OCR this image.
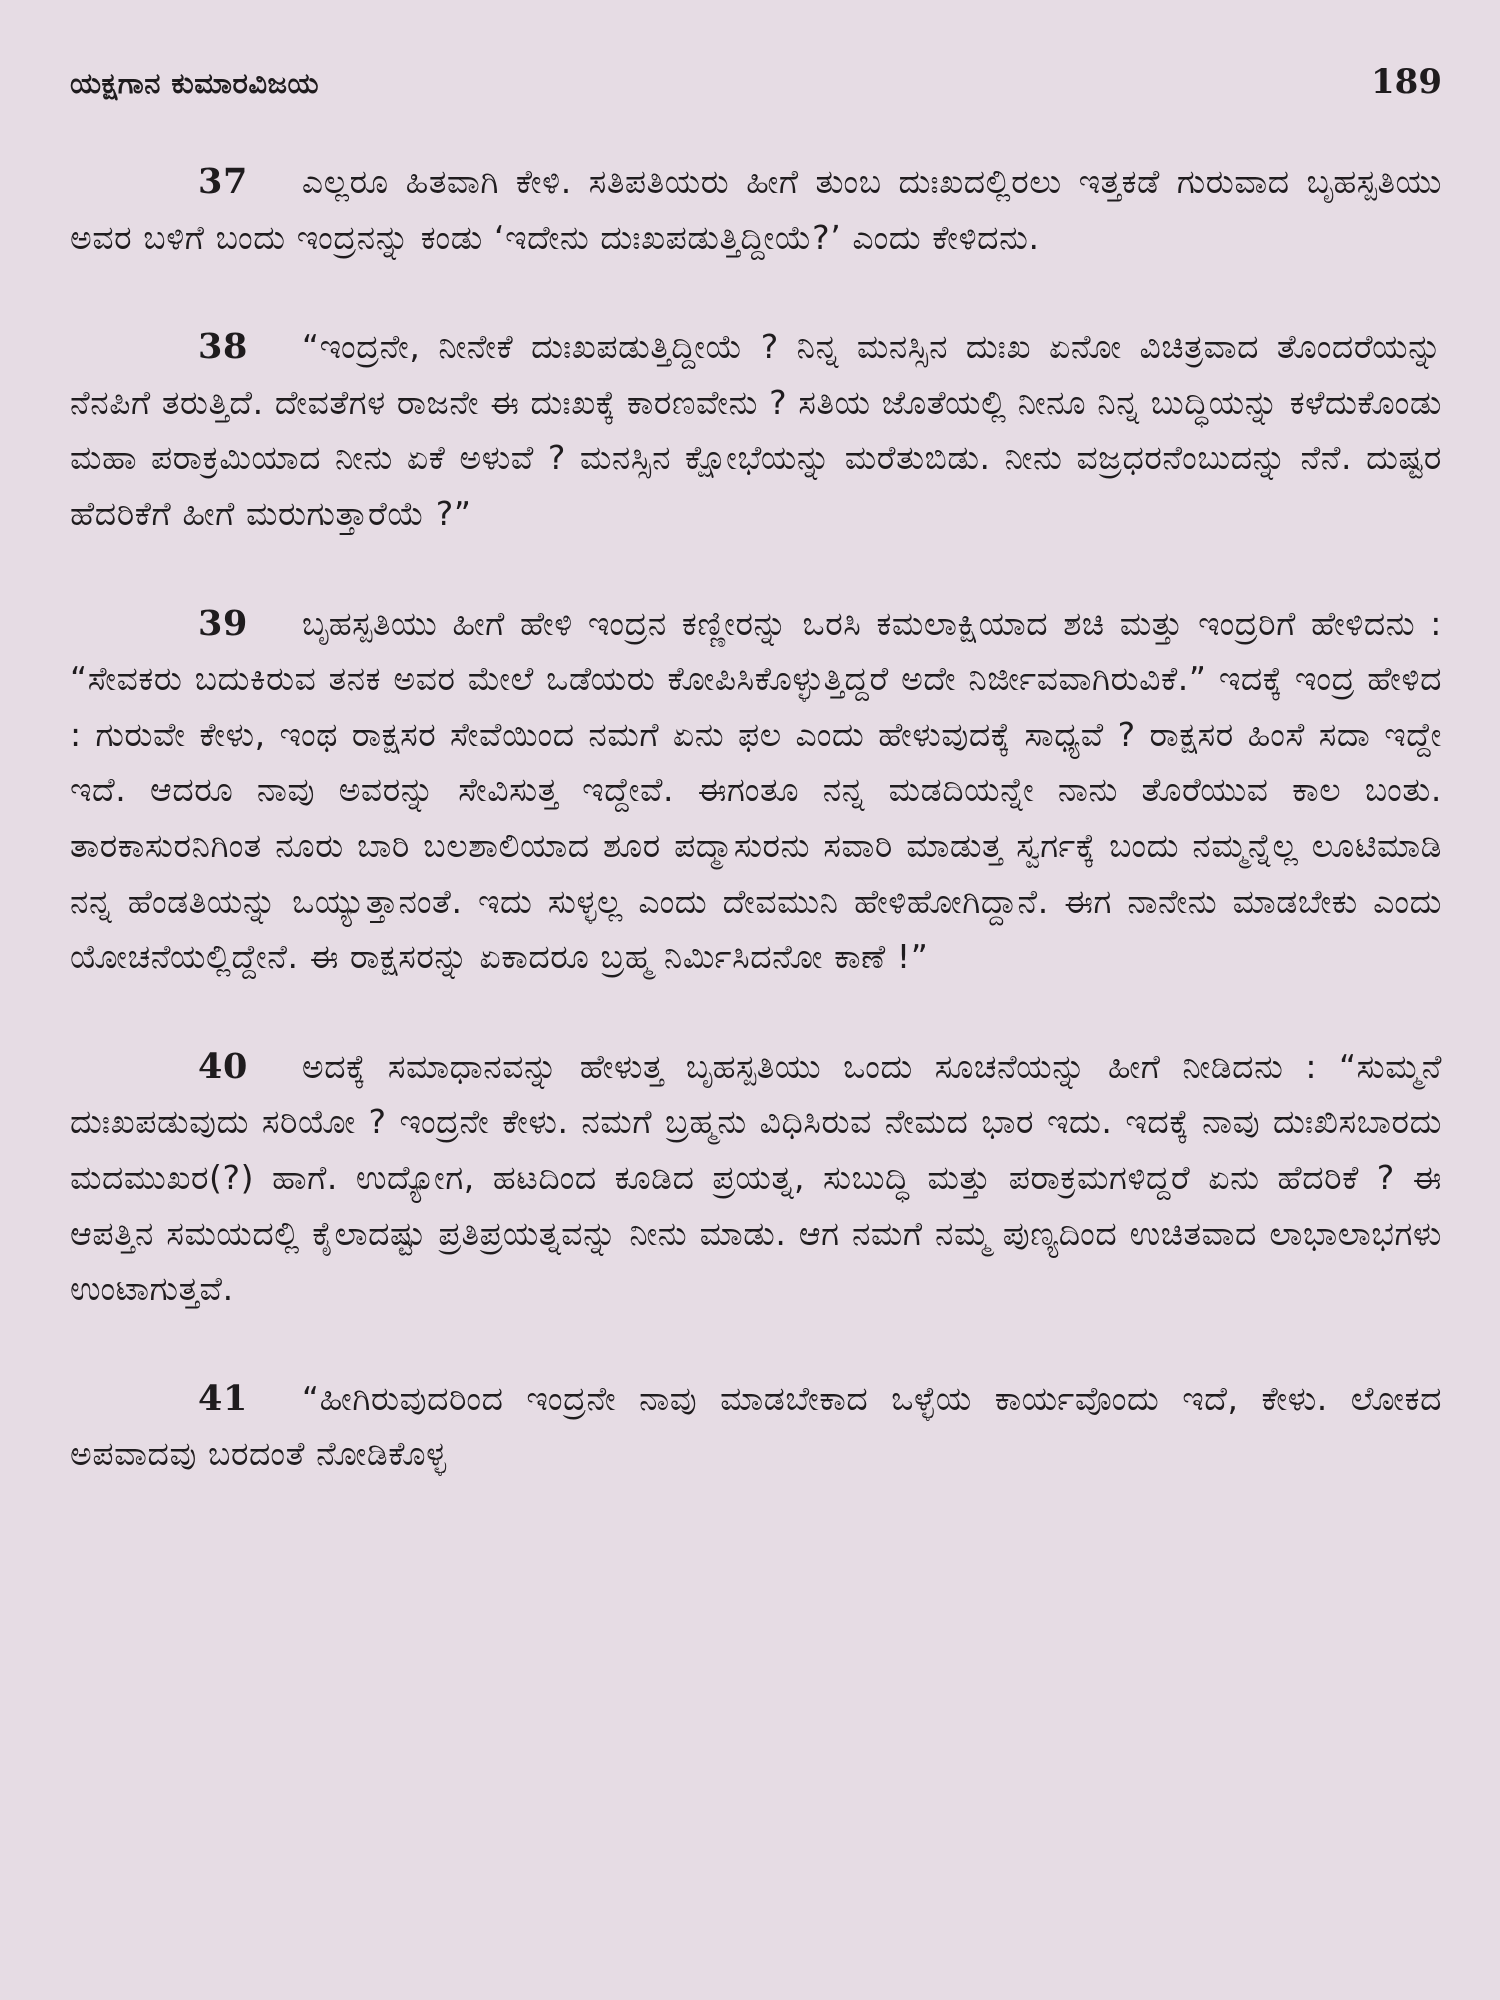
ಯಕ್ಷಗಾನ ಕುಮಾರವಿಜಯ	189

37 ಎಲ್ಲರೂ ಹಿತವಾಗಿ ಕೇಳಿ. ಸತಿಪತಿಯರು ಹೀಗೆ ತುಂಬ ದುಃಖದಲ್ಲಿರಲು ಇತ್ತಕಡೆ ಗುರುವಾದ ಬೃಹಸ್ಪತಿಯು ಅವರ ಬಳಿಗೆ ಬಂದು ಇಂದ್ರನನ್ನು ಕಂಡು ‘ಇದೇನು ದುಃಖಪಡುತ್ತಿದ್ದೀಯೆ?’ ಎಂದು ಕೇಳಿದನು.

38 “ಇಂದ್ರನೇ, ನೀನೇಕೆ ದುಃಖಪಡುತ್ತಿದ್ದೀಯೆ ? ನಿನ್ನ ಮನಸ್ಸಿನ ದುಃಖ ಏನೋ ವಿಚಿತ್ರವಾದ ತೊಂದರೆಯನ್ನು ನೆನಪಿಗೆ ತರುತ್ತಿದೆ. ದೇವತೆಗಳ ರಾಜನೇ ಈ ದುಃಖಕ್ಕೆ ಕಾರಣವೇನು ? ಸತಿಯ ಜೊತೆಯಲ್ಲಿ ನೀನೂ ನಿನ್ನ ಬುದ್ಧಿಯನ್ನು ಕಳೆದುಕೊಂಡು ಮಹಾ ಪರಾಕ್ರಮಿಯಾದ ನೀನು ಏಕೆ ಅಳುವೆ ? ಮನಸ್ಸಿನ ಕ್ಷೋಭೆಯನ್ನು ಮರೆತುಬಿಡು. ನೀನು ವಜ್ರಧರನೆಂಬುದನ್ನು ನೆನೆ. ದುಷ್ಟರ ಹೆದರಿಕೆಗೆ ಹೀಗೆ ಮರುಗುತ್ತಾರೆಯೆ ?”

39 ಬೃಹಸ್ಪತಿಯು ಹೀಗೆ ಹೇಳಿ ಇಂದ್ರನ ಕಣ್ಣೀರನ್ನು ಒರಸಿ ಕಮಲಾಕ್ಷಿಯಾದ ಶಚಿ ಮತ್ತು ಇಂದ್ರರಿಗೆ ಹೇಳಿದನು : “ಸೇವಕರು ಬದುಕಿರುವ ತನಕ ಅವರ ಮೇಲೆ ಒಡೆಯರು ಕೋಪಿಸಿಕೊಳ್ಳುತ್ತಿದ್ದರೆ ಅದೇ ನಿರ್ಜೀವವಾಗಿರುವಿಕೆ.” ಇದಕ್ಕೆ ಇಂದ್ರ ಹೇಳಿದ : ಗುರುವೇ ಕೇಳು, ಇಂಥ ರಾಕ್ಷಸರ ಸೇವೆಯಿಂದ ನಮಗೆ ಏನು ಫಲ ಎಂದು ಹೇಳುವುದಕ್ಕೆ ಸಾಧ್ಯವೆ ? ರಾಕ್ಷಸರ ಹಿಂಸೆ ಸದಾ ಇದ್ದೇ ಇದೆ. ಆದರೂ ನಾವು ಅವರನ್ನು ಸೇವಿಸುತ್ತ ಇದ್ದೇವೆ. ಈಗಂತೂ ನನ್ನ ಮಡದಿಯನ್ನೇ ನಾನು ತೊರೆಯುವ ಕಾಲ ಬಂತು. ತಾರಕಾಸುರನಿಗಿಂತ ನೂರು ಬಾರಿ ಬಲಶಾಲಿಯಾದ ಶೂರ ಪದ್ಮಾಸುರನು ಸವಾರಿ ಮಾಡುತ್ತ ಸ್ವರ್ಗಕ್ಕೆ ಬಂದು ನಮ್ಮನ್ನೆಲ್ಲ ಲೂಟಿಮಾಡಿ ನನ್ನ ಹೆಂಡತಿಯನ್ನು ಒಯ್ಯುತ್ತಾನಂತೆ. ಇದು ಸುಳ್ಳಲ್ಲ ಎಂದು ದೇವಮುನಿ ಹೇಳಿಹೋಗಿದ್ದಾನೆ. ಈಗ ನಾನೇನು ಮಾಡಬೇಕು ಎಂದು ಯೋಚನೆಯಲ್ಲಿದ್ದೇನೆ. ಈ ರಾಕ್ಷಸರನ್ನು ಏಕಾದರೂ ಬ್ರಹ್ಮ ನಿರ್ಮಿಸಿದನೋ ಕಾಣೆ !”

40 ಅದಕ್ಕೆ ಸಮಾಧಾನವನ್ನು ಹೇಳುತ್ತ ಬೃಹಸ್ಪತಿಯು ಒಂದು ಸೂಚನೆಯನ್ನು ಹೀಗೆ ನೀಡಿದನು : “ಸುಮ್ಮನೆ ದುಃಖಪಡುವುದು ಸರಿಯೋ ? ಇಂದ್ರನೇ ಕೇಳು. ನಮಗೆ ಬ್ರಹ್ಮನು ವಿಧಿಸಿರುವ ನೇಮದ ಭಾರ ಇದು. ಇದಕ್ಕೆ ನಾವು ದುಃಖಿಸಬಾರದು ಮದಮುಖರ(?) ಹಾಗೆ. ಉದ್ಯೋಗ, ಹಟದಿಂದ ಕೂಡಿದ ಪ್ರಯತ್ನ, ಸುಬುದ್ಧಿ ಮತ್ತು ಪರಾಕ್ರಮಗಳಿದ್ದರೆ ಏನು ಹೆದರಿಕೆ ? ಈ ಆಪತ್ತಿನ ಸಮಯದಲ್ಲಿ ಕೈಲಾದಷ್ಟು ಪ್ರತಿಪ್ರಯತ್ನವನ್ನು ನೀನು ಮಾಡು. ಆಗ ನಮಗೆ ನಮ್ಮ ಪುಣ್ಯದಿಂದ ಉಚಿತವಾದ ಲಾಭಾಲಾಭಗಳು ಉಂಟಾಗುತ್ತವೆ.

41 “ಹೀಗಿರುವುದರಿಂದ ಇಂದ್ರನೇ ನಾವು ಮಾಡಬೇಕಾದ ಒಳ್ಳೆಯ ಕಾರ್ಯವೊಂದು ಇದೆ, ಕೇಳು. ಲೋಕದ ಅಪವಾದವು ಬರದಂತೆ ನೋಡಿಕೊಳ್ಳ
